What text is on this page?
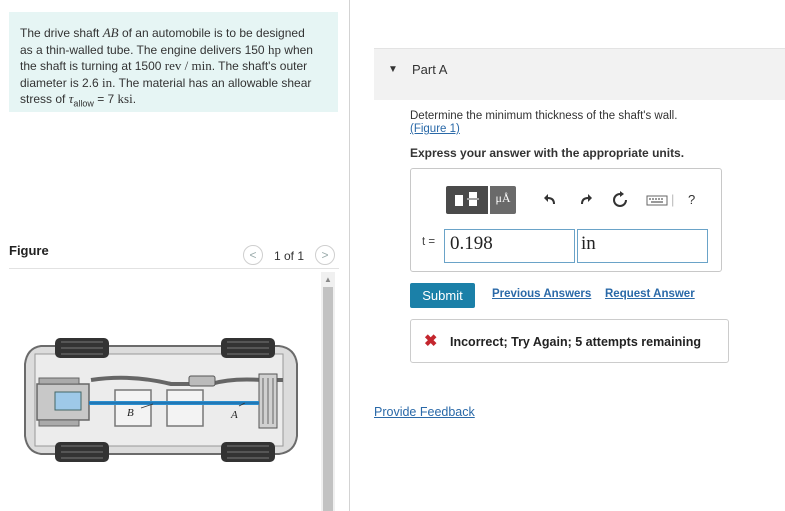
The drive shaft AB of an automobile is to be designed
as a thin-walled tube. The engine delivers 150 hp when
the shaft is turning at 1500 rev / min. The shaft's outer
diameter is 2.6 in. The material has an allowable shear
stress of $\tau_{allow} = 7$ ksi.
Figure	<	1 of 1	>
▲
B	A
▼ Part A
Determine the minimum thickness of the shaft's wall.
(Figure 1)
Express your answer with the appropriate units.
μÅ	| ?
t = 0.198	in
Submit	Previous Answers Request Answer
✖ Incorrect; Try Again; 5 attempts remaining
Provide Feedback
